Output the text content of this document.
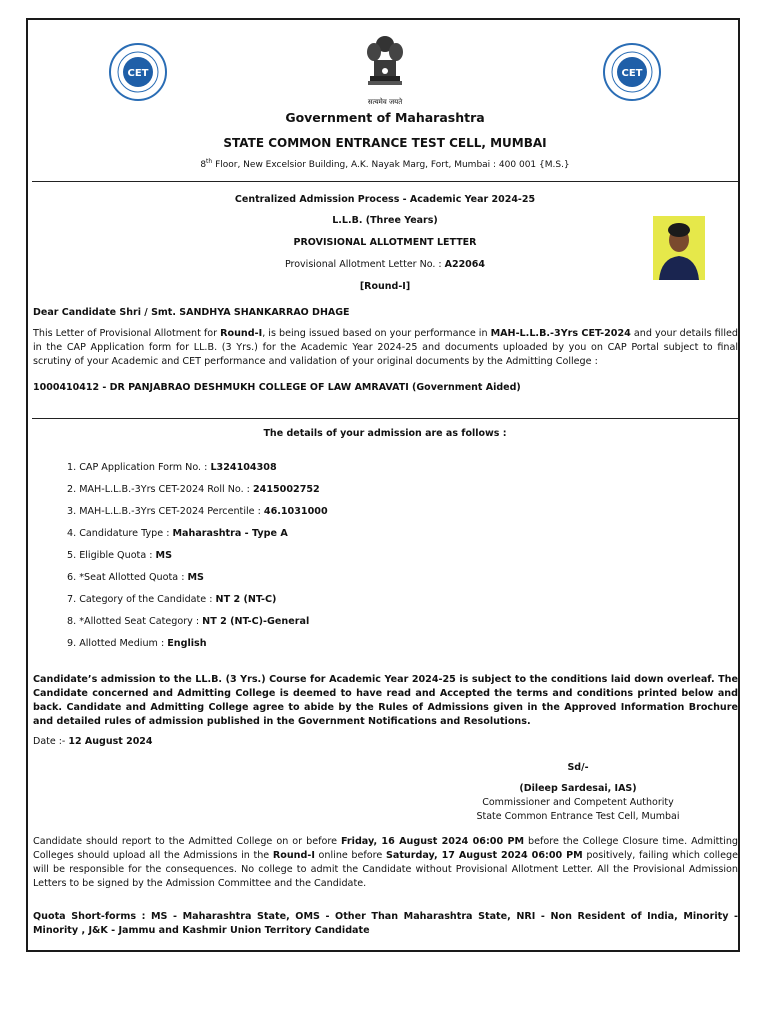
CET	CET
सत्यमेव जयते
Government of Maharashtra
STATE COMMON ENTRANCE TEST CELL, MUMBAI
8th Floor, New Excelsior Building, A.K. Nayak Marg, Fort, Mumbai : 400 001 {M.S.}
Centralized Admission Process - Academic Year 2024-25
L.L.B. (Three Years)
PROVISIONAL ALLOTMENT LETTER
Provisional Allotment Letter No. : A22064
[Round-I]
Dear Candidate Shri / Smt. SANDHYA SHANKARRAO DHAGE

This Letter of Provisional Allotment for Round-I, is being issued based on your performance in MAH-L.L.B.-3Yrs CET-2024 and your details filled in the CAP Application form for LL.B. (3 Yrs.) for the Academic Year 2024-25 and documents uploaded by you on CAP Portal subject to final scrutiny of your Academic and CET performance and validation of your original documents by the Admitting College :

1000410412 - DR PANJABRAO DESHMUKH COLLEGE OF LAW AMRAVATI (Government Aided)
The details of your admission are as follows :
1. CAP Application Form No. : L324104308
2. MAH-L.L.B.-3Yrs CET-2024 Roll No. : 2415002752
3. MAH-L.L.B.-3Yrs CET-2024 Percentile : 46.1031000
4. Candidature Type : Maharashtra - Type A
5. Eligible Quota : MS
6. *Seat Allotted Quota : MS
7. Category of the Candidate : NT 2 (NT-C)
8. *Allotted Seat Category : NT 2 (NT-C)-General
9. Allotted Medium : English

Candidate’s admission to the LL.B. (3 Yrs.) Course for Academic Year 2024-25 is subject to the conditions laid down overleaf. The Candidate concerned and Admitting College is deemed to have read and Accepted the terms and conditions printed below and back. Candidate and Admitting College agree to abide by the Rules of Admissions given in the Approved Information Brochure and detailed rules of admission published in the Government Notifications and Resolutions.

Date :- 12 August 2024
Sd/-
(Dileep Sardesai, IAS)
Commissioner and Competent Authority
State Common Entrance Test Cell, Mumbai

Candidate should report to the Admitted College on or before Friday, 16 August 2024 06:00 PM before the College Closure time. Admitting Colleges should upload all the Admissions in the Round-I online before Saturday, 17 August 2024 06:00 PM positively, failing which college will be responsible for the consequences. No college to admit the Candidate without Provisional Allotment Letter. All the Provisional Admission Letters to be signed by the Admission Committee and the Candidate.

Quota Short-forms : MS - Maharashtra State, OMS - Other Than Maharashtra State, NRI - Non Resident of India, Minority - Minority , J&K - Jammu and Kashmir Union Territory Candidate
